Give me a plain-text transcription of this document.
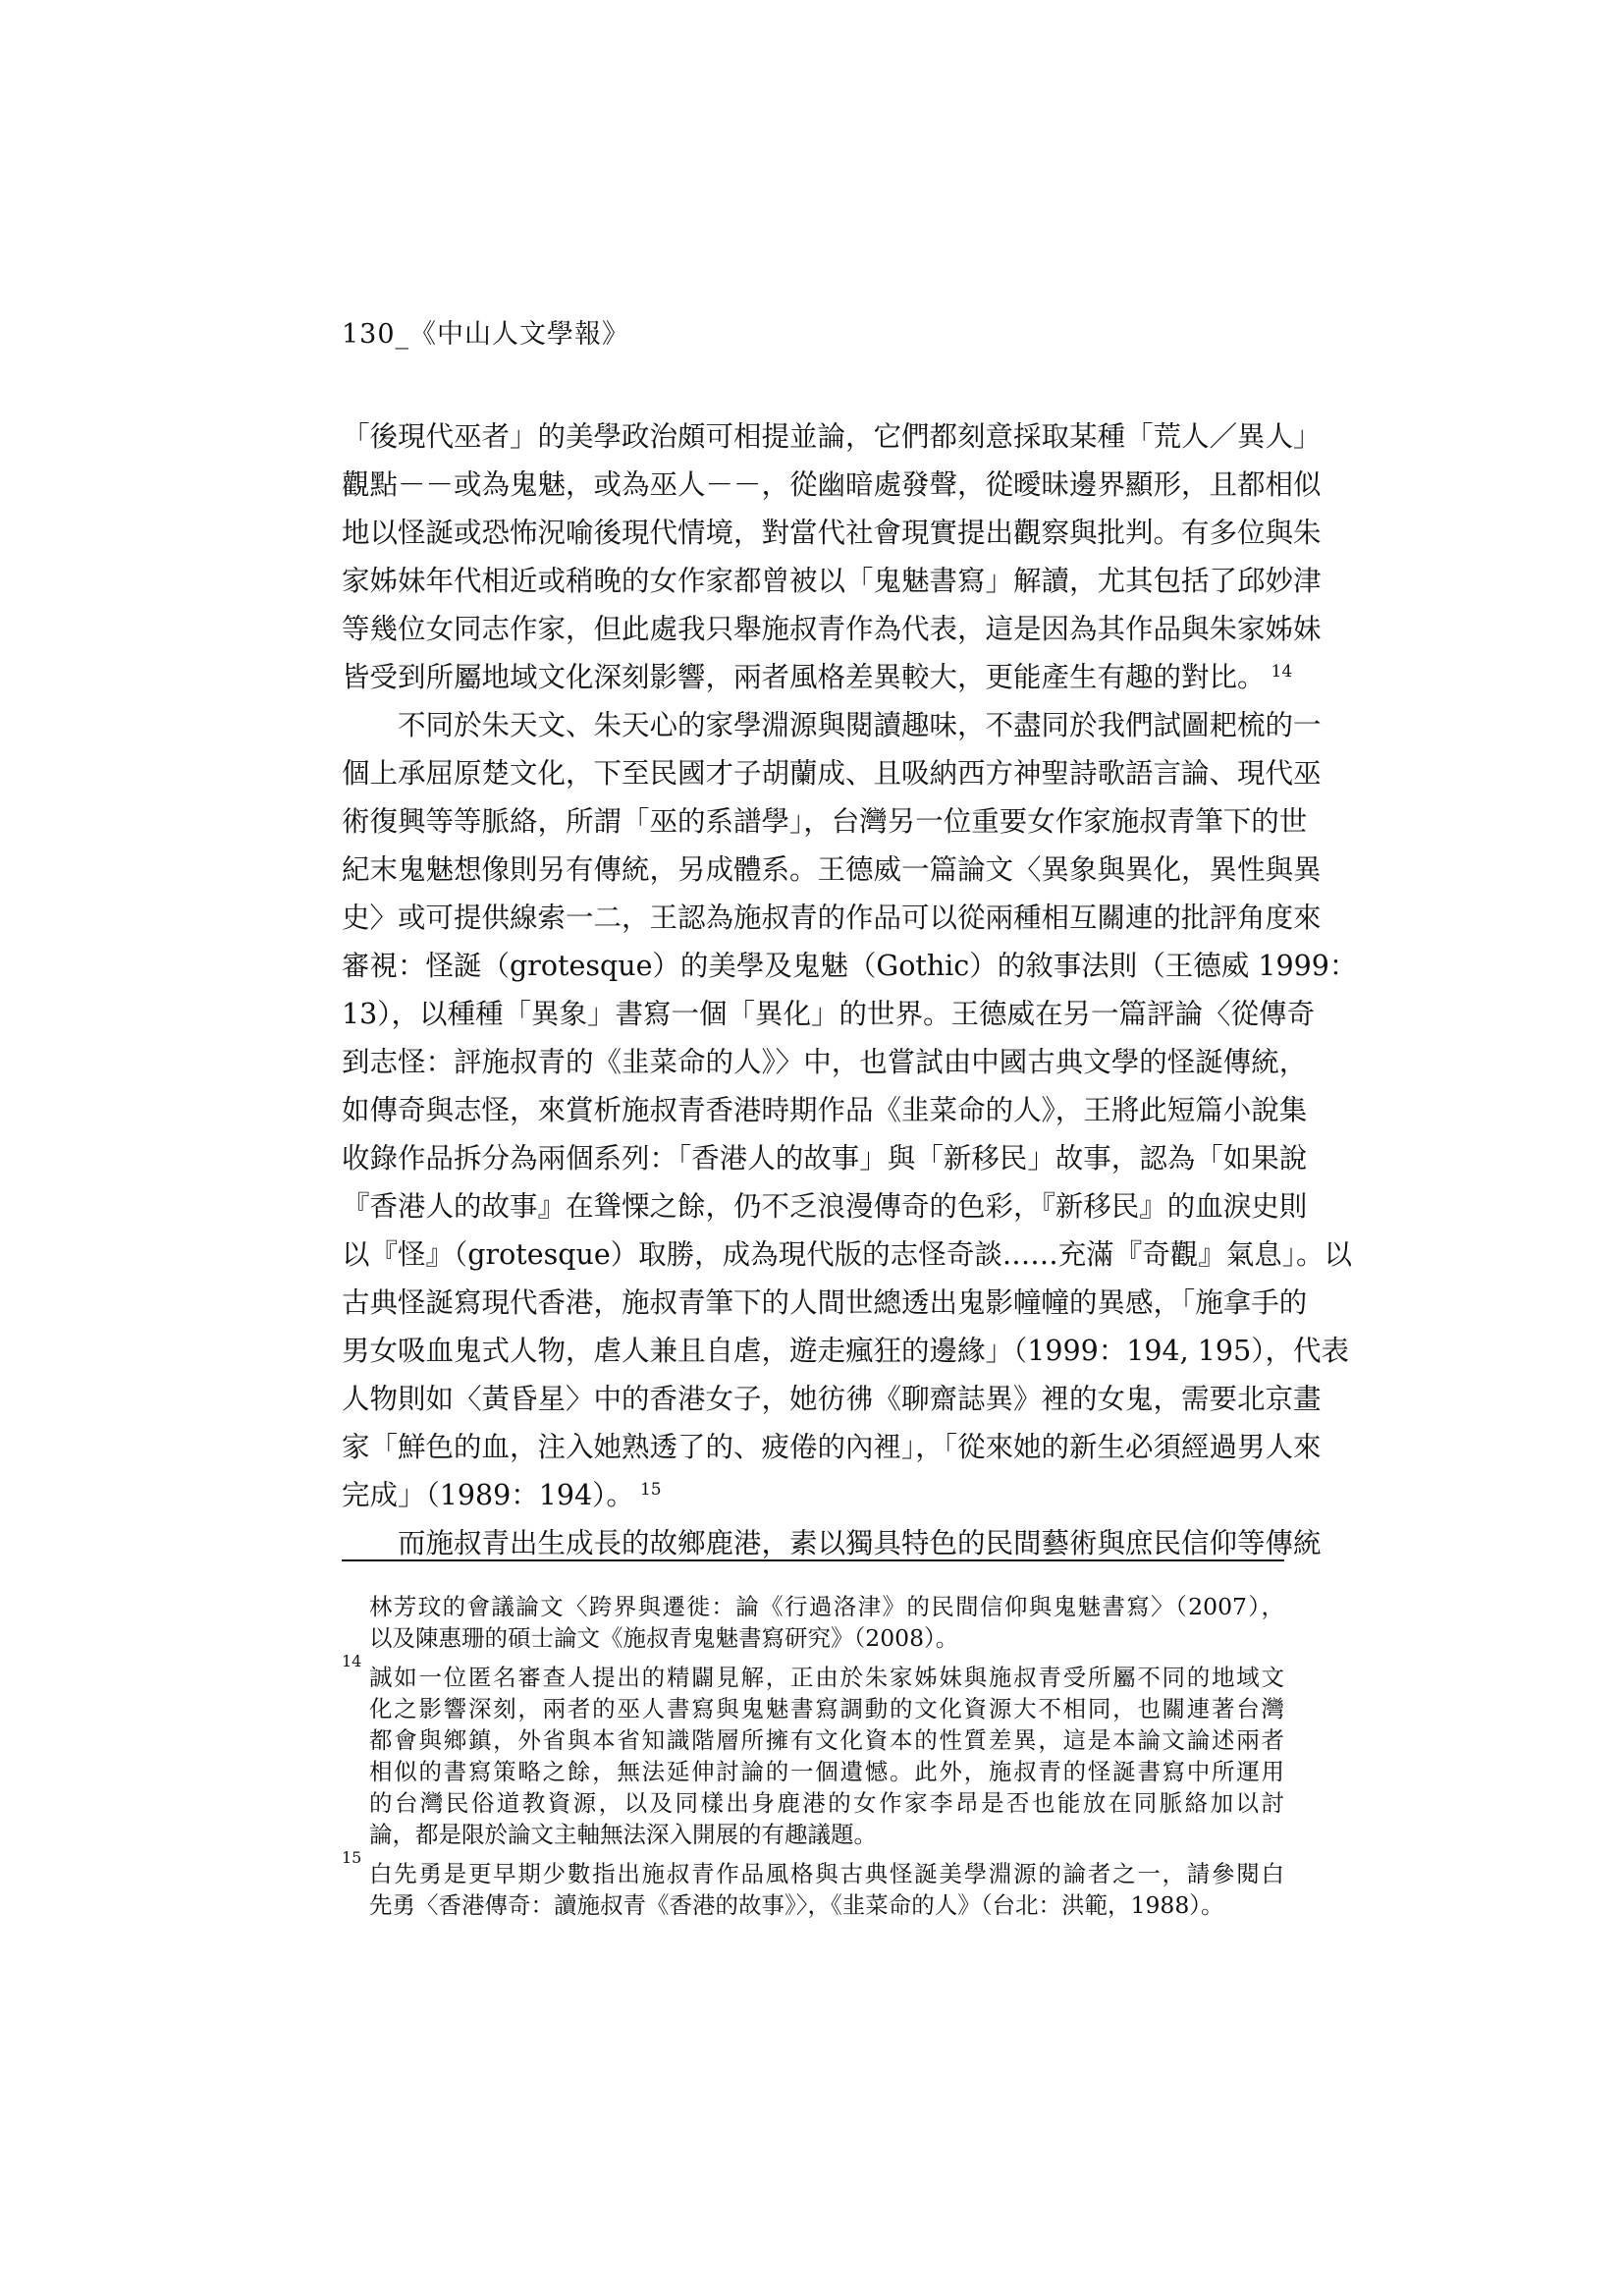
130_《中山人文學報》
「後現代巫者」的美學政治頗可相提並論，它們都刻意採取某種「荒人／異人」
觀點－－或為鬼魅，或為巫人－－，從幽暗處發聲，從曖昧邊界顯形，且都相似
地以怪誕或恐怖況喻後現代情境，對當代社會現實提出觀察與批判。有多位與朱
家姊妹年代相近或稍晚的女作家都曾被以「鬼魅書寫」解讀，尤其包括了邱妙津
等幾位女同志作家，但此處我只舉施叔青作為代表，這是因為其作品與朱家姊妹
皆受到所屬地域文化深刻影響，兩者風格差異較大，更能產生有趣的對比。 $^{14}$
不同於朱天文、朱天心的家學淵源與閱讀趣味，不盡同於我們試圖耙梳的一
個上承屈原楚文化，下至民國才子胡蘭成、且吸納西方神聖詩歌語言論、現代巫
術復興等等脈絡，所謂「巫的系譜學」，台灣另一位重要女作家施叔青筆下的世
紀末鬼魅想像則另有傳統，另成體系。王德威一篇論文〈異象與異化，異性與異
史〉或可提供線索一二，王認為施叔青的作品可以從兩種相互關連的批評角度來
審視：怪誕（grotesque）的美學及鬼魅（Gothic）的敘事法則（王德威 1999：
13），以種種「異象」書寫一個「異化」的世界。王德威在另一篇評論〈從傳奇
到志怪：評施叔青的《韭菜命的人》〉中，也嘗試由中國古典文學的怪誕傳統，
如傳奇與志怪，來賞析施叔青香港時期作品《韭菜命的人》，王將此短篇小說集
收錄作品拆分為兩個系列：「香港人的故事」與「新移民」故事，認為「如果說
『香港人的故事』在聳慄之餘，仍不乏浪漫傳奇的色彩，『新移民』的血淚史則
以『怪』（grotesque）取勝，成為現代版的志怪奇談……充滿『奇觀』氣息」。以
古典怪誕寫現代香港，施叔青筆下的人間世總透出鬼影幢幢的異感，「施拿手的
男女吸血鬼式人物，虐人兼且自虐，遊走瘋狂的邊緣」（1999：194, 195），代表
人物則如〈黃昏星〉中的香港女子，她彷彿《聊齋誌異》裡的女鬼，需要北京畫
家「鮮色的血，注入她熟透了的、疲倦的內裡」，「從來她的新生必須經過男人來
完成」（1989：194）。 $^{15}$
而施叔青出生成長的故鄉鹿港，素以獨具特色的民間藝術與庶民信仰等傳統
林芳玟的會議論文〈跨界與遷徙：論《行過洛津》的民間信仰與鬼魅書寫〉（2007），
以及陳惠珊的碩士論文《施叔青鬼魅書寫研究》（2008）。
14
誠如一位匿名審查人提出的精闢見解，正由於朱家姊妹與施叔青受所屬不同的地域文
化之影響深刻，兩者的巫人書寫與鬼魅書寫調動的文化資源大不相同，也關連著台灣
都會與鄉鎮，外省與本省知識階層所擁有文化資本的性質差異，這是本論文論述兩者
相似的書寫策略之餘，無法延伸討論的一個遺憾。此外，施叔青的怪誕書寫中所運用
的台灣民俗道教資源，以及同樣出身鹿港的女作家李昂是否也能放在同脈絡加以討
論，都是限於論文主軸無法深入開展的有趣議題。
15
白先勇是更早期少數指出施叔青作品風格與古典怪誕美學淵源的論者之一，請參閱白
先勇〈香港傳奇：讀施叔青《香港的故事》〉，《韭菜命的人》（台北：洪範，1988）。
